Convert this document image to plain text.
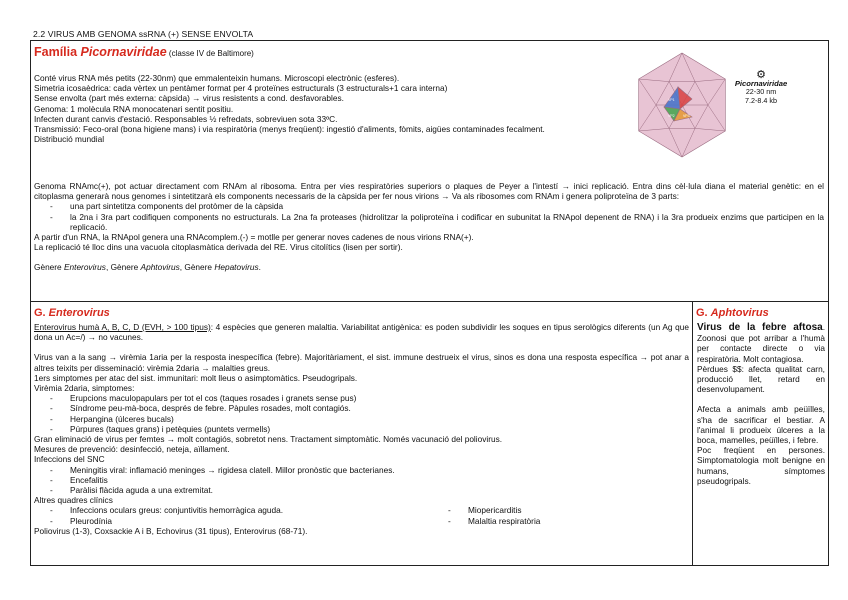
2.2 VIRUS AMB GENOMA ssRNA (+) SENSE ENVOLTA
Família Picornaviridae (classe IV de Baltimore)

Conté virus RNA més petits (22-30nm) que emmalenteixin humans. Microscopi electrònic (esferes).

Simetria icosaèdrica: cada vèrtex un pentàmer format per 4 proteïnes estructurals (3 estructurals+1 cara interna)

Sense envolta (part més externa: càpsida) → virus resistents a cond. desfavorables.

Genoma: 1 molècula RNA monocatenari sentit positiu.

Infecten durant canvis d'estació. Responsables ½ refredats, sobreviuen sota 33ºC.

Transmissió: Feco-oral (bona higiene mans) i via respiratòria (menys freqüent): ingestió d'aliments, fòmits, aigües contaminades fecalment.

Distribució mundial

VP1
VP2 VP3
⚙
Picornaviridae
22-30 nm
7.2-8.4 kb

Genoma RNAmc(+), pot actuar directament com RNAm al ribosoma. Entra per vies respiratòries superiors o plaques de Peyer a l'intestí → inici replicació. Entra dins cèl·lula diana el material genètic: en el citoplasma generarà nous genomes i sintetitzarà els components necessaris de la càpsida per fer nous virions → Va als ribosomes com RNAm i genera poliproteïna de 3 parts:

- una part sintetitza components del protòmer de la càpsida
- la 2na i 3ra part codifiquen components no estructurals. La 2na fa proteases (hidrolitzar la poliproteïna i codificar en subunitat la RNApol depenent de RNA) i la 3ra produeix enzims que participen en la replicació.

A partir d'un RNA, la RNApol genera una RNAcomplem.(-) = motlle per generar noves cadenes de nous virions RNA(+).

La replicació té lloc dins una vacuola citoplasmàtica derivada del RE. Virus citolítics (lisen per sortir).

Gènere Enterovirus, Gènere Aphtovirus, Gènere Hepatovirus.

G. Enterovirus

Enterovirus humà A, B, C, D (EVH, > 100 tipus): 4 espècies que generen malaltia. Variabilitat antigènica: es poden subdividir les soques en tipus serològics diferents (un Ag que dona un Ac=/) → no vacunes.

Virus van a la sang → virèmia 1aria per la resposta inespecífica (febre). Majoritàriament, el sist. immune destrueix el virus, sinos es dona una resposta específica → pot anar a altres teixits per disseminació: virèmia 2daria → malalties greus.

1ers simptomes per atac del sist. immunitari: molt lleus o asimptomàtics. Pseudogripals.

Virèmia 2daria, simptomes:

- Erupcions maculopapulars per tot el cos (taques rosades i granets sense pus)
- Síndrome peu-mà-boca, després de febre. Pàpules rosades, molt contagiós.
- Herpangina (úlceres bucals)
- Púrpures (taques grans) i petèquies (puntets vermells)

Gran eliminació de virus per femtes → molt contagiós, sobretot nens. Tractament simptomàtic. Només vacunació del poliovirus.

Mesures de prevenció: desinfecció, neteja, aïllament.

Infeccions del SNC

- Meningitis viral: inflamació meninges → rigidesa clatell. Millor pronòstic que bacterianes.
- Encefalitis
- Paràlisi flàcida aguda a una extremitat.

Altres quadres clínics

- Infeccions oculars greus: conjuntivitis hemorràgica aguda.
- Pleurodínia
- Miopericarditis
- Malaltia respiratòria

Poliovirus (1-3), Coxsackie A i B, Echovirus (31 tipus), Enterovirus (68-71).

G. Aphtovirus

Virus de la febre aftosa. Zoonosi que pot arribar a l'humà per contacte directe o via respiratòria. Molt contagiosa.

Pèrdues $$: afecta qualitat carn, producció llet, retard en desenvolupament.

Afecta a animals amb peüïlles, s'ha de sacrificar el bestiar. A l'animal li produeix úlceres a la boca, mamelles, peüïlles, i febre.

Poc freqüent en persones. Simptomatologia molt benigne en humans, símptomes pseudogripals.
